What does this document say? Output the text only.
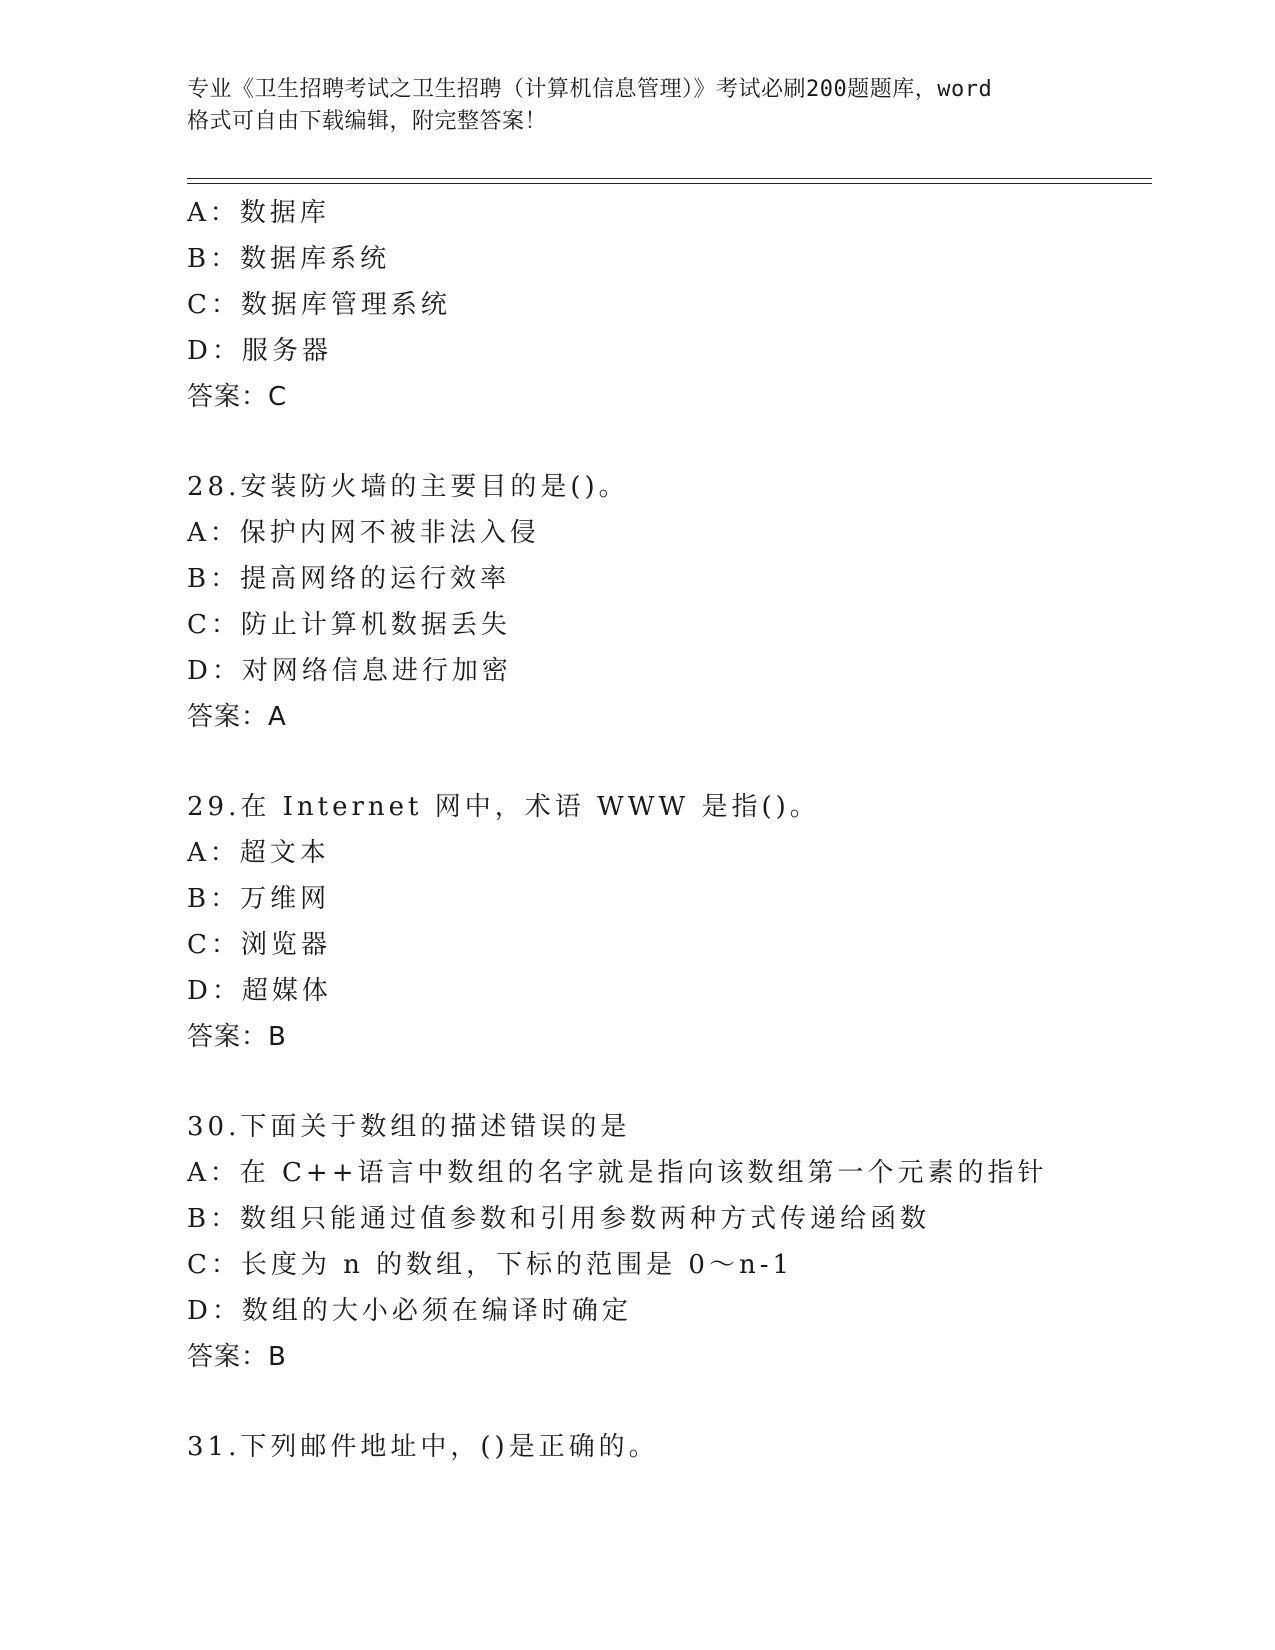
专业《卫生招聘考试之卫生招聘（计算机信息管理）》考试必刷200题题库，word
格式可自由下载编辑，附完整答案！
A：数据库
B：数据库系统
C：数据库管理系统
D：服务器
答案：C
28.安装防火墙的主要目的是()。
A：保护内网不被非法入侵
B：提高网络的运行效率
C：防止计算机数据丢失
D：对网络信息进行加密
答案：A
29.在 Internet 网中，术语 WWW 是指()。
A：超文本
B：万维网
C：浏览器
D：超媒体
答案：B
30.下面关于数组的描述错误的是
A：在 C++语言中数组的名字就是指向该数组第一个元素的指针
B：数组只能通过值参数和引用参数两种方式传递给函数
C：长度为 n 的数组，下标的范围是 0～n-1
D：数组的大小必须在编译时确定
答案：B
31.下列邮件地址中，()是正确的。
